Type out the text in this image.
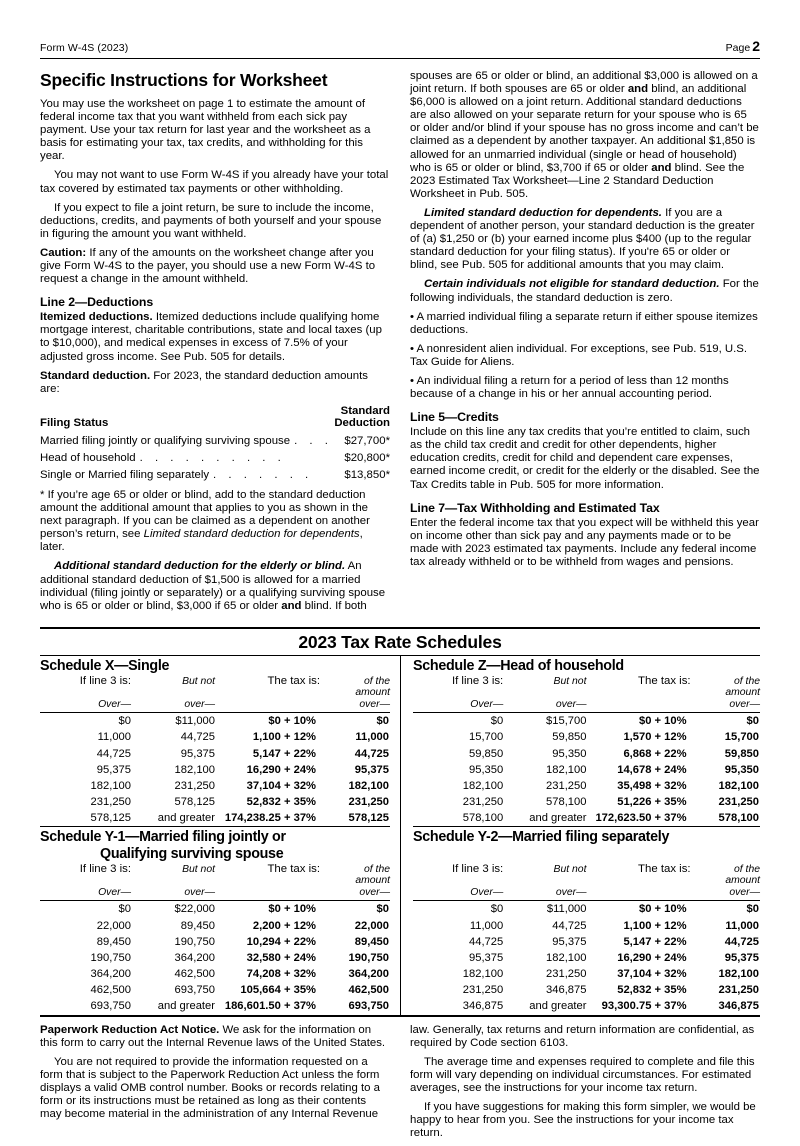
Form W-4S (2023)	Page 2
Specific Instructions for Worksheet

You may use the worksheet on page 1 to estimate the amount of federal income tax that you want withheld from each sick pay payment. Use your tax return for last year and the worksheet as a basis for estimating your tax, tax credits, and withholding for this year.

You may not want to use Form W-4S if you already have your total tax covered by estimated tax payments or other withholding.

If you expect to file a joint return, be sure to include the income, deductions, credits, and payments of both yourself and your spouse in figuring the amount you want withheld.

Caution: If any of the amounts on the worksheet change after you give Form W-4S to the payer, you should use a new Form W-4S to request a change in the amount withheld.

Line 2—Deductions

Itemized deductions. Itemized deductions include qualifying home mortgage interest, charitable contributions, state and local taxes (up to $10,000), and medical expenses in excess of 7.5% of your adjusted gross income. See Pub. 505 for details.

Standard deduction. For 2023, the standard deduction amounts are:

Filing Status
Standard
Deduction
Married filing jointly or qualifying surviving spouse . . .	$27,700*
Head of household . . . . . . . . . .	$20,800*
Single or Married filing separately . . . . . . .	$13,850*

* If you’re age 65 or older or blind, add to the standard deduction amount the additional amount that applies to you as shown in the next paragraph. If you can be claimed as a dependent on another person’s return, see Limited standard deduction for dependents, later.

Additional standard deduction for the elderly or blind. An additional standard deduction of $1,500 is allowed for a married individual (filing jointly or separately) or a qualifying surviving spouse who is 65 or older or blind, $3,000 if 65 or older and blind. If both

spouses are 65 or older or blind, an additional $3,000 is allowed on a joint return. If both spouses are 65 or older and blind, an additional $6,000 is allowed on a joint return. Additional standard deductions are also allowed on your separate return for your spouse who is 65 or older and/or blind if your spouse has no gross income and can’t be claimed as a dependent by another taxpayer. An additional $1,850 is allowed for an unmarried individual (single or head of household) who is 65 or older or blind, $3,700 if 65 or older and blind. See the 2023 Estimated Tax Worksheet—Line 2 Standard Deduction Worksheet in Pub. 505.

Limited standard deduction for dependents. If you are a dependent of another person, your standard deduction is the greater of (a) $1,250 or (b) your earned income plus $400 (up to the regular standard deduction for your filing status). If you're 65 or older or blind, see Pub. 505 for additional amounts that you may claim.

Certain individuals not eligible for standard deduction. For the following individuals, the standard deduction is zero.

• A married individual filing a separate return if either spouse itemizes deductions.

• A nonresident alien individual. For exceptions, see Pub. 519, U.S. Tax Guide for Aliens.

• An individual filing a return for a period of less than 12 months because of a change in his or her annual accounting period.

Line 5—Credits

Include on this line any tax credits that you’re entitled to claim, such as the child tax credit and credit for other dependents, higher education credits, credit for child and dependent care expenses, earned income credit, or credit for the elderly or the disabled. See the Tax Credits table in Pub. 505 for more information.

Line 7—Tax Withholding and Estimated Tax

Enter the federal income tax that you expect will be withheld this year on income other than sick pay and any payments made or to be made with 2023 estimated tax payments. Include any federal income tax already withheld or to be withheld from wages and pensions.

2023 Tax Rate Schedules
Schedule X—Single
If line 3 is:	But not	The tax is:	of the
			amount
Over—	over—		over—

$0	$11,000	$0 + 10%	$0
11,000	44,725	1,100 + 12%	11,000
44,725	95,375	5,147 + 22%	44,725
95,375	182,100	16,290 + 24%	95,375
182,100	231,250	37,104 + 32%	182,100
231,250	578,125	52,832 + 35%	231,250
578,125	and greater	174,238.25 + 37%	578,125
Schedule Y-1—Married filing jointly or
Qualifying surviving spouse
If line 3 is:	But not	The tax is:	of the
			amount
Over—	over—		over—

$0	$22,000	$0 + 10%	$0
22,000	89,450	2,200 + 12%	22,000
89,450	190,750	10,294 + 22%	89,450
190,750	364,200	32,580 + 24%	190,750
364,200	462,500	74,208 + 32%	364,200
462,500	693,750	105,664 + 35%	462,500
693,750	and greater	186,601.50 + 37%	693,750
Schedule Z—Head of household
If line 3 is:	But not	The tax is:	of the
			amount
Over—	over—		over—

$0	$15,700	$0 + 10%	$0
15,700	59,850	1,570 + 12%	15,700
59,850	95,350	6,868 + 22%	59,850
95,350	182,100	14,678 + 24%	95,350
182,100	231,250	35,498 + 32%	182,100
231,250	578,100	51,226 + 35%	231,250
578,100	and greater	172,623.50 + 37%	578,100
Schedule Y-2—Married filing separately

If line 3 is:	But not	The tax is:	of the
			amount
Over—	over—		over—

$0	$11,000	$0 + 10%	$0
11,000	44,725	1,100 + 12%	11,000
44,725	95,375	5,147 + 22%	44,725
95,375	182,100	16,290 + 24%	95,375
182,100	231,250	37,104 + 32%	182,100
231,250	346,875	52,832 + 35%	231,250
346,875	and greater	93,300.75 + 37%	346,875

Paperwork Reduction Act Notice. We ask for the information on this form to carry out the Internal Revenue laws of the United States.

You are not required to provide the information requested on a form that is subject to the Paperwork Reduction Act unless the form displays a valid OMB control number. Books or records relating to a form or its instructions must be retained as long as their contents may become material in the administration of any Internal Revenue

law. Generally, tax returns and return information are confidential, as required by Code section 6103.

The average time and expenses required to complete and file this form will vary depending on individual circumstances. For estimated averages, see the instructions for your income tax return.

If you have suggestions for making this form simpler, we would be happy to hear from you. See the instructions for your income tax return.
